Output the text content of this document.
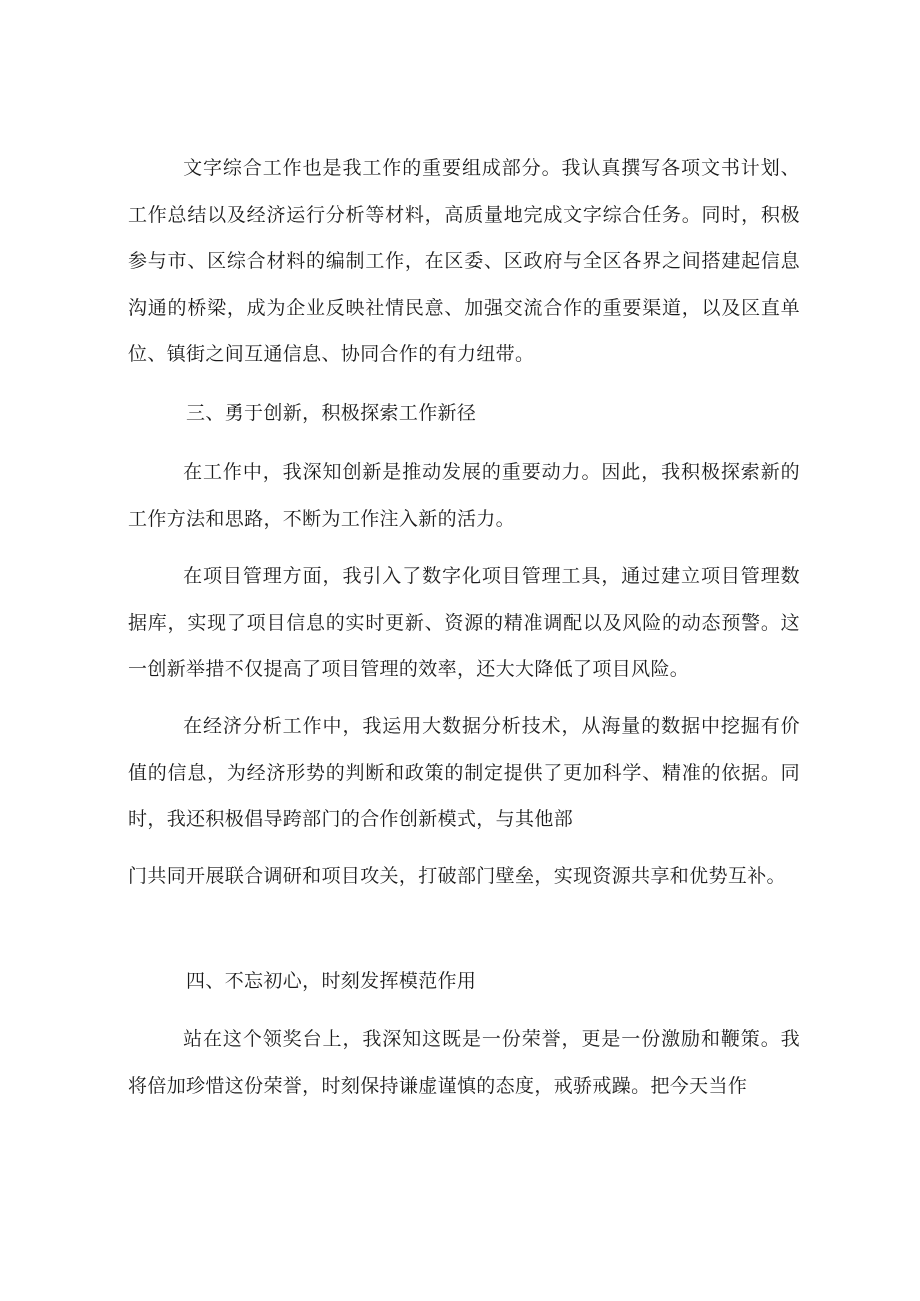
文字综合工作也是我工作的重要组成部分。我认真撰写各项文书计划、工作总结以及经济运行分析等材料，高质量地完成文字综合任务。同时，积极参与市、区综合材料的编制工作，在区委、区政府与全区各界之间搭建起信息沟通的桥梁，成为企业反映社情民意、加强交流合作的重要渠道，以及区直单位、镇街之间互通信息、协同合作的有力纽带。

三、勇于创新，积极探索工作新径

在工作中，我深知创新是推动发展的重要动力。因此，我积极探索新的工作方法和思路，不断为工作注入新的活力。

在项目管理方面，我引入了数字化项目管理工具，通过建立项目管理数据库，实现了项目信息的实时更新、资源的精准调配以及风险的动态预警。这一创新举措不仅提高了项目管理的效率，还大大降低了项目风险。

在经济分析工作中，我运用大数据分析技术，从海量的数据中挖掘有价值的信息，为经济形势的判断和政策的制定提供了更加科学、精准的依据。同时，我还积极倡导跨部门的合作创新模式，与其他部

门共同开展联合调研和项目攻关，打破部门壁垒，实现资源共享和优势互补。

四、不忘初心，时刻发挥模范作用

站在这个领奖台上，我深知这既是一份荣誉，更是一份激励和鞭策。我将倍加珍惜这份荣誉，时刻保持谦虚谨慎的态度，戒骄戒躁。把今天当作
